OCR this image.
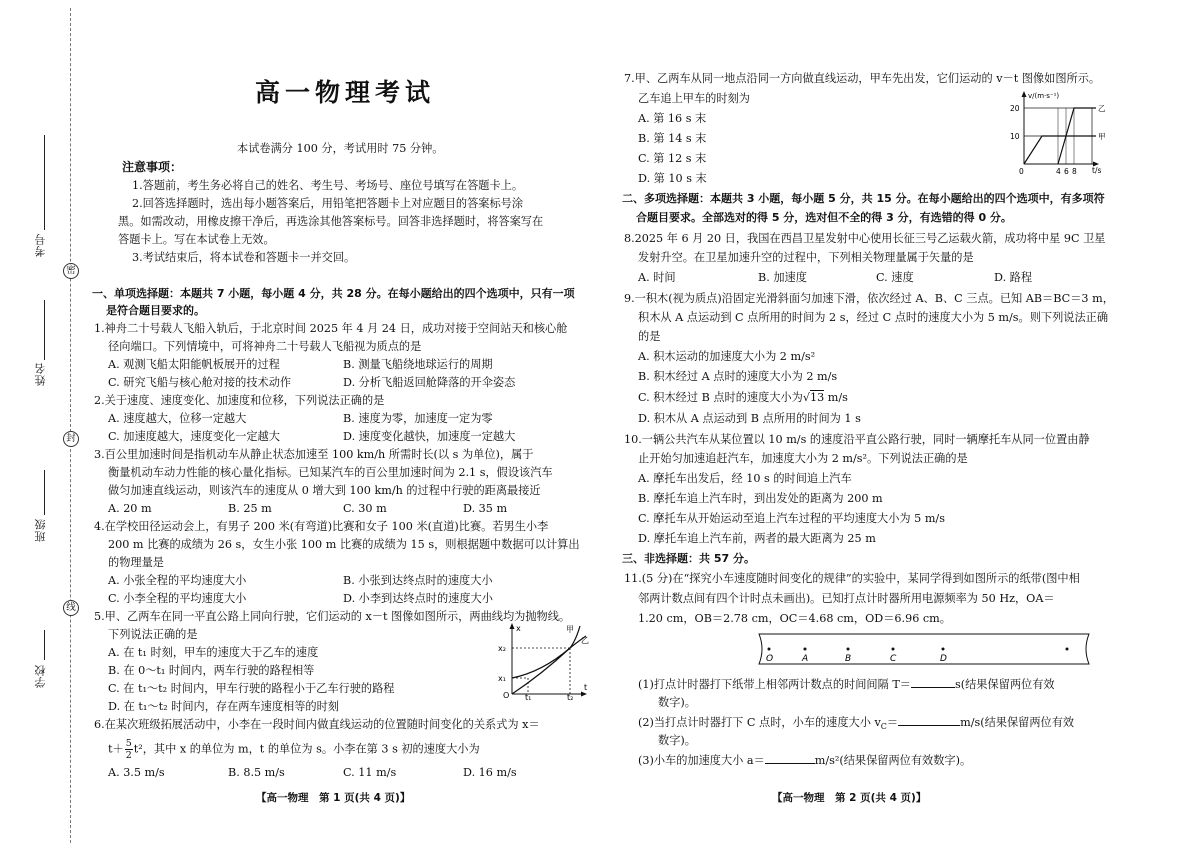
密
封
线
考号
姓名
班级
学校
高一物理考试
本试卷满分 100 分，考试用时 75 分钟。
注意事项：
1.答题前，考生务必将自己的姓名、考生号、考场号、座位号填写在答题卡上。
2.回答选择题时，选出每小题答案后，用铅笔把答题卡上对应题目的答案标号涂
黑。如需改动，用橡皮擦干净后，再选涂其他答案标号。回答非选择题时，将答案写在
答题卡上。写在本试卷上无效。
3.考试结束后，将本试卷和答题卡一并交回。
一、单项选择题：本题共 7 小题，每小题 4 分，共 28 分。在每小题给出的四个选项中，只有一项
是符合题目要求的。
1.神舟二十号载人飞船入轨后，于北京时间 2025 年 4 月 24 日，成功对接于空间站天和核心舱
径向端口。下列情境中，可将神舟二十号载人飞船视为质点的是
A. 观测飞船太阳能帆板展开的过程	B. 测量飞船绕地球运行的周期
C. 研究飞船与核心舱对接的技术动作	D. 分析飞船返回舱降落的开伞姿态
2.关于速度、速度变化、加速度和位移，下列说法正确的是
A. 速度越大，位移一定越大	B. 速度为零，加速度一定为零
C. 加速度越大，速度变化一定越大	D. 速度变化越快，加速度一定越大
3.百公里加速时间是指机动车从静止状态加速至 100 km/h 所需时长(以 s 为单位)，属于
衡量机动车动力性能的核心量化指标。已知某汽车的百公里加速时间为 2.1 s，假设该汽车
做匀加速直线运动，则该汽车的速度从 0 增大到 100 km/h 的过程中行驶的距离最接近
A. 20 m	B. 25 m	C. 30 m	D. 35 m
4.在学校田径运动会上，有男子 200 米(有弯道)比赛和女子 100 米(直道)比赛。若男生小李
200 m 比赛的成绩为 26 s，女生小张 100 m 比赛的成绩为 15 s，则根据题中数据可以计算出
的物理量是
A. 小张全程的平均速度大小	B. 小张到达终点时的速度大小
C. 小李全程的平均速度大小	D. 小李到达终点时的速度大小
5.甲、乙两车在同一平直公路上同向行驶，它们运动的 x－t 图像如图所示，两曲线均为抛物线。
下列说法正确的是
A. 在 t₁ 时刻，甲车的速度大于乙车的速度
B. 在 0～t₁ 时间内，两车行驶的路程相等
C. 在 t₁～t₂ 时间内，甲车行驶的路程小于乙车行驶的路程
D. 在 t₁～t₂ 时间内，存在两车速度相等的时刻
x
t
O
x₁
x₂
t₁	t₂
甲
乙
6.在某次班级拓展活动中，小李在一段时间内做直线运动的位置随时间变化的关系式为 x＝
$t+ \frac{5}{2} t^2$，其中 x 的单位为 m，t 的单位为 s。小李在第 3 s 初的速度大小为
A. 3.5 m/s	B. 8.5 m/s	C. 11 m/s	D. 16 m/s
【高一物理　第 1 页(共 4 页)】
7.甲、乙两车从同一地点沿同一方向做直线运动，甲车先出发，它们运动的 v－t 图像如图所示。
乙车追上甲车的时刻为
A. 第 16 s 末
B. 第 14 s 末
C. 第 12 s 末
D. 第 10 s 末
v/(m·s⁻¹)
t/s
0
20
10
4 6 8
甲
乙
二、多项选择题：本题共 3 小题，每小题 5 分，共 15 分。在每小题给出的四个选项中，有多项符
合题目要求。全部选对的得 5 分，选对但不全的得 3 分，有选错的得 0 分。
8.2025 年 6 月 20 日，我国在西昌卫星发射中心使用长征三号乙运载火箭，成功将中星 9C 卫星
发射升空。在卫星加速升空的过程中，下列相关物理量属于矢量的是
A. 时间	B. 加速度	C. 速度	D. 路程
9.一积木(视为质点)沿固定光滑斜面匀加速下滑，依次经过 A、B、C 三点。已知 AB＝BC＝3 m，
积木从 A 点运动到 C 点所用的时间为 2 s，经过 C 点时的速度大小为 5 m/s。则下列说法正确
的是
A. 积木运动的加速度大小为 2 m/s²
B. 积木经过 A 点时的速度大小为 2 m/s
C. 积木经过 B 点时的速度大小为√13 m/s
D. 积木从 A 点运动到 B 点所用的时间为 1 s
10.一辆公共汽车从某位置以 10 m/s 的速度沿平直公路行驶，同时一辆摩托车从同一位置由静
止开始匀加速追赶汽车，加速度大小为 2 m/s²。下列说法正确的是
A. 摩托车出发后，经 10 s 的时间追上汽车
B. 摩托车追上汽车时，到出发处的距离为 200 m
C. 摩托车从开始运动至追上汽车过程的平均速度大小为 5 m/s
D. 摩托车追上汽车前，两者的最大距离为 25 m
三、非选择题：共 57 分。
11.(5 分)在“探究小车速度随时间变化的规律”的实验中，某同学得到如图所示的纸带(图中相
邻两计数点间有四个计时点未画出)。已知打点计时器所用电源频率为 50 Hz，OA＝
1.20 cm，OB＝2.78 cm，OC＝4.68 cm，OD＝6.96 cm。
O	A	B	C	D
(1)打点计时器打下纸带上相邻两计数点的时间间隔 T＝	s(结果保留两位有效
数字)。
(2)当打点计时器打下 C 点时，小车的速度大小 $v_C=$	m/s(结果保留两位有效
数字)。
(3)小车的加速度大小 a＝	m/s²(结果保留两位有效数字)。
【高一物理　第 2 页(共 4 页)】
